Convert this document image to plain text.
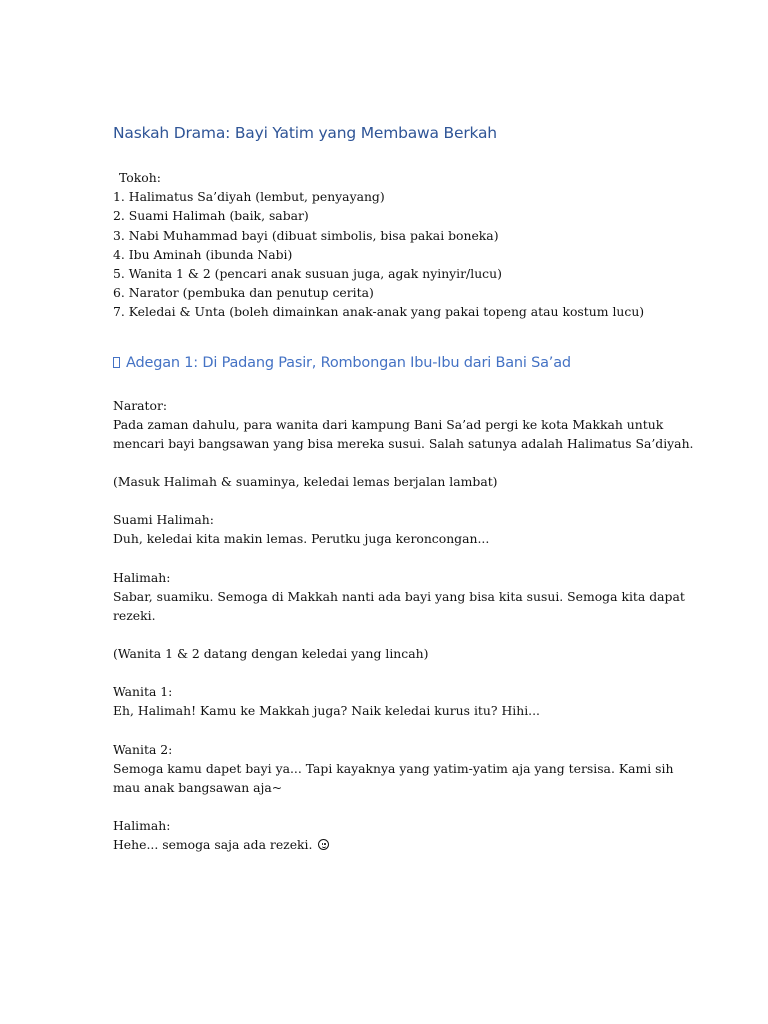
Naskah Drama: Bayi Yatim yang Membawa Berkah
Tokoh:
1. Halimatus Sa’diyah (lembut, penyayang)
2. Suami Halimah (baik, sabar)
3. Nabi Muhammad bayi (dibuat simbolis, bisa pakai boneka)
4. Ibu Aminah (ibunda Nabi)
5. Wanita 1 & 2 (pencari anak susuan juga, agak nyinyir/lucu)
6. Narator (pembuka dan penutup cerita)
7. Keledai & Unta (boleh dimainkan anak-anak yang pakai topeng atau kostum lucu)
Adegan 1: Di Padang Pasir, Rombongan Ibu-Ibu dari Bani Sa’ad
Narator:
Pada zaman dahulu, para wanita dari kampung Bani Sa’ad pergi ke kota Makkah untuk
mencari bayi bangsawan yang bisa mereka susui. Salah satunya adalah Halimatus Sa’diyah.
(Masuk Halimah & suaminya, keledai lemas berjalan lambat)
Suami Halimah:
Duh, keledai kita makin lemas. Perutku juga keroncongan...
Halimah:
Sabar, suamiku. Semoga di Makkah nanti ada bayi yang bisa kita susui. Semoga kita dapat
rezeki.
(Wanita 1 & 2 datang dengan keledai yang lincah)
Wanita 1:
Eh, Halimah! Kamu ke Makkah juga? Naik keledai kurus itu? Hihi...
Wanita 2:
Semoga kamu dapet bayi ya... Tapi kayaknya yang yatim-yatim aja yang tersisa. Kami sih
mau anak bangsawan aja~
Halimah:
Hehe... semoga saja ada rezeki.
